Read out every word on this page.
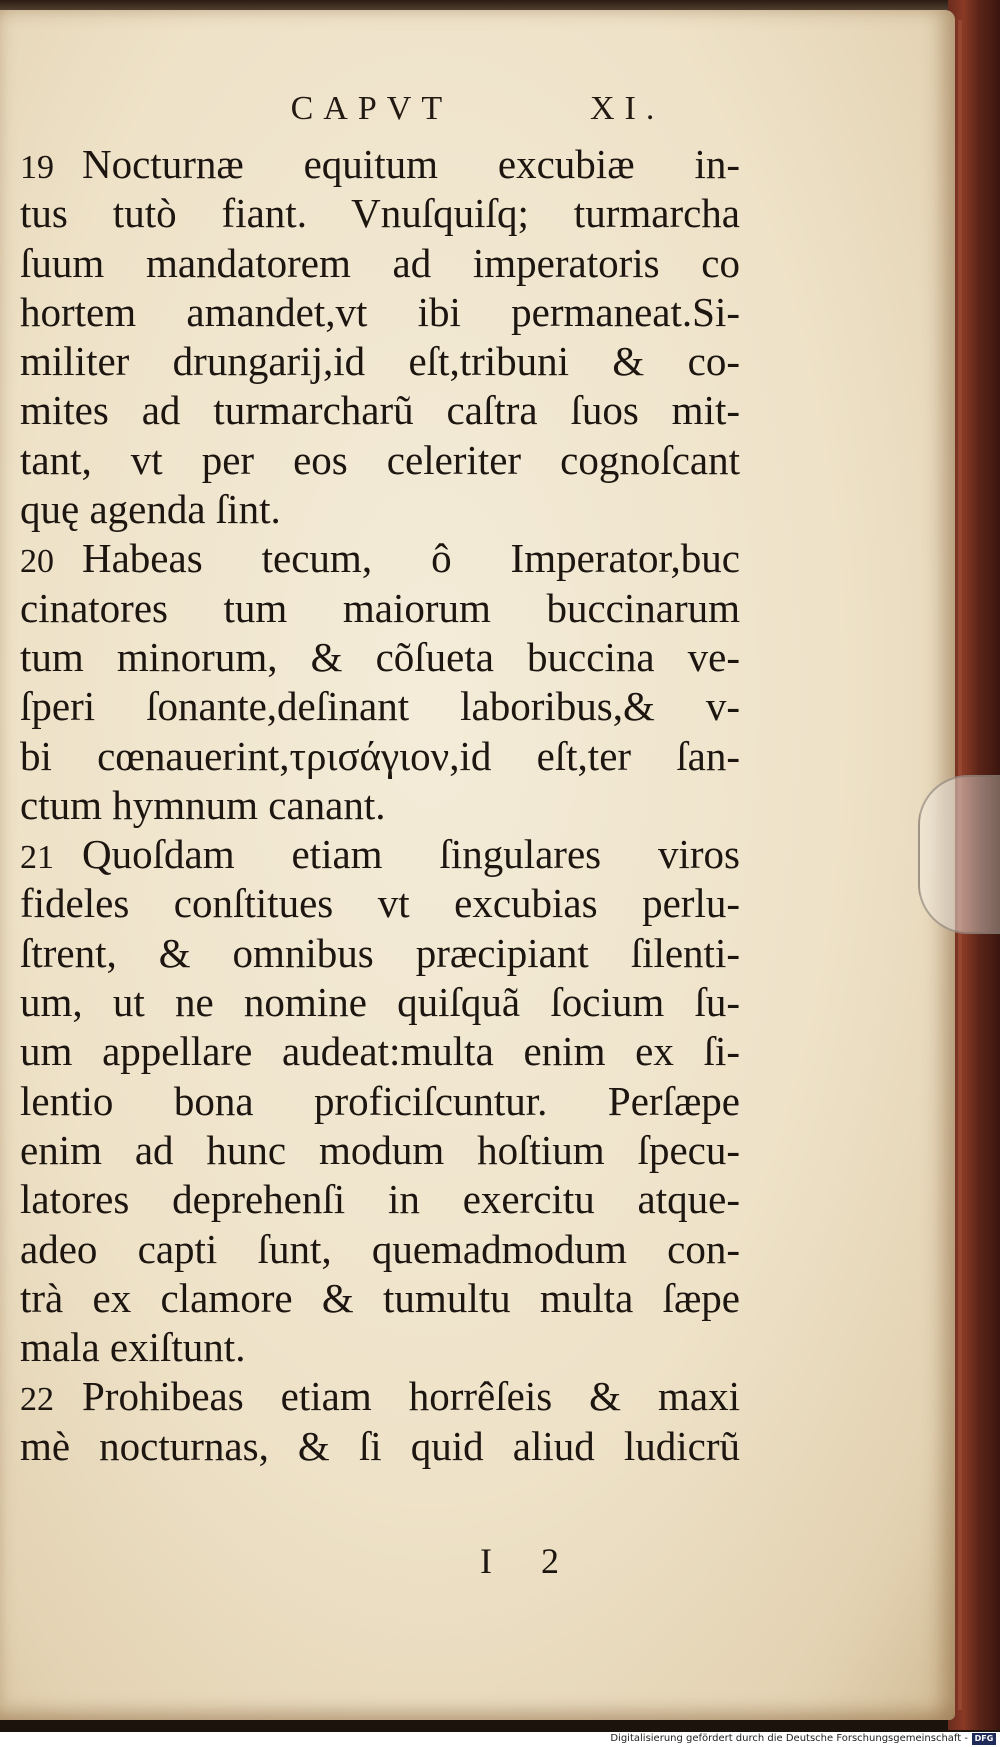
CAPVT	XI.
19 Nocturnæ equitum excubiæ in-
tus tutò fiant. Vnuſquiſq; turmarcha
ſuum mandatorem ad imperatoris co
hortem amandet,vt ibi permaneat.Si-
militer drungarij,id eſt,tribuni & co-
mites ad turmarcharũ caſtra ſuos mit-
tant, vt per eos celeriter cognoſcant
quę agenda ſint.
20 Habeas tecum, ô Imperator,buc
cinatores tum maiorum buccinarum
tum minorum, & cõſueta buccina ve-
ſperi ſonante,deſinant laboribus,& v-
bi cœnauerint,τρισάγιον,id eſt,ter ſan-
ctum hymnum canant.
21 Quoſdam etiam ſingulares viros
fideles conſtitues vt excubias perlu-
ſtrent, & omnibus præcipiant ſilenti-
um, ut ne nomine quiſquã ſocium ſu-
um appellare audeat:multa enim ex ſi-
lentio bona proficiſcuntur. Perſæpe
enim ad hunc modum hoſtium ſpecu-
latores deprehenſi in exercitu atque-
adeo capti ſunt, quemadmodum con-
trà ex clamore & tumultu multa ſæpe
mala exiſtunt.
22 Prohibeas etiam horrêſeis & maxi
mè nocturnas, & ſi quid aliud ludicrũ
I 2
Digitalisierung gefördert durch die Deutsche Forschungsgemeinschaft - DFG
